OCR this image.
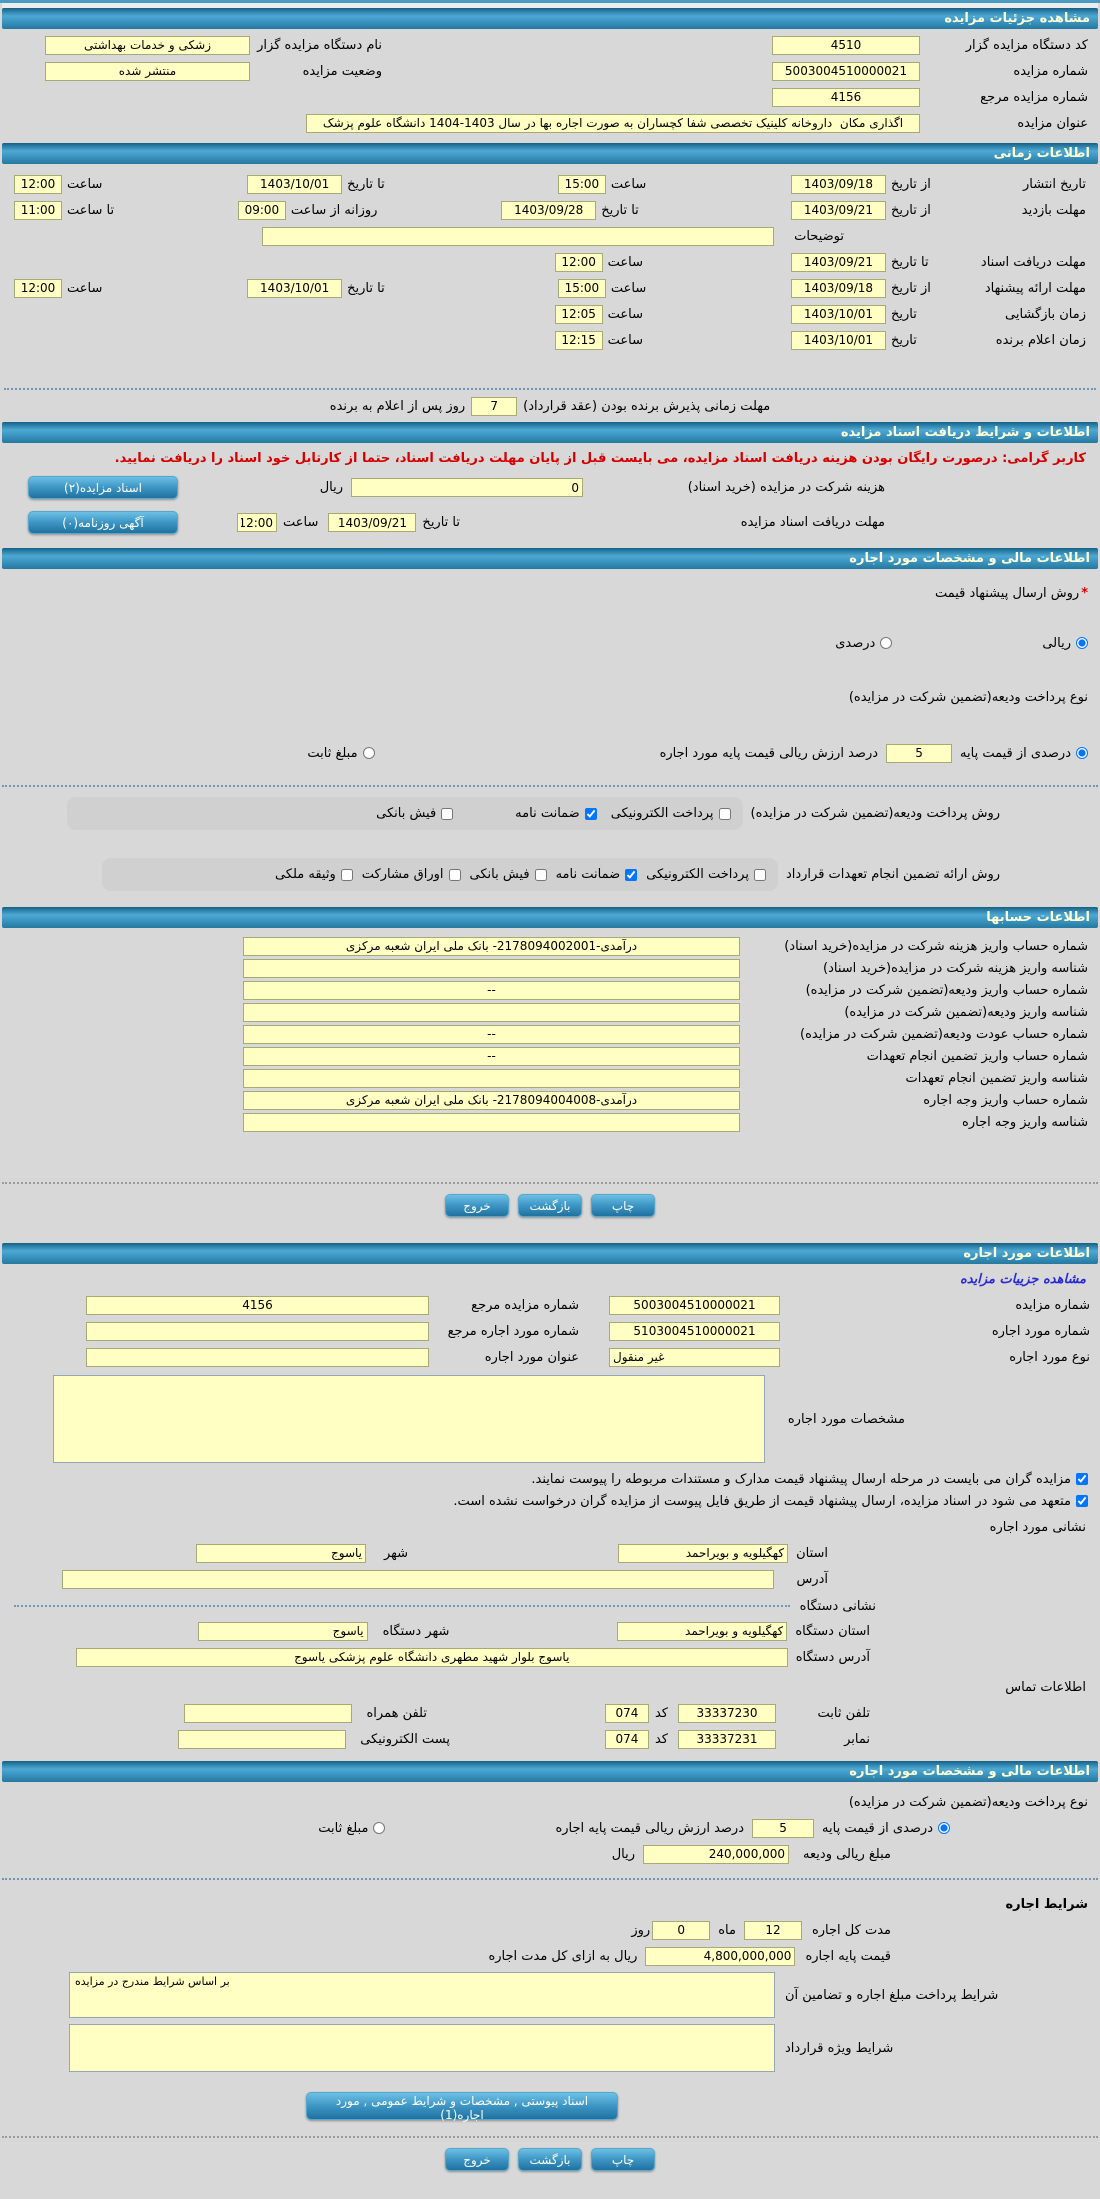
مشاهده جزئیات مزایده
کد دستگاه مزایده گزار
4510
نام دستگاه مزایده گزار
زشکی و خدمات بهداشتی
شماره مزایده
5003004510000021
وضعیت مزایده
منتشر شده
شماره مزایده مرجع
4156
عنوان مزایده
اگذاری مکان داروخانه کلینیک تخصصی شفا کچساران به صورت اجاره بها در سال 1403-1404 دانشگاه علوم پزشک
اطلاعات زمانی
تاریخ انتشار
از تاریخ
1403/09/18
ساعت
15:00
تا تاریخ
1403/10/01
ساعت
12:00
مهلت بازدید
از تاریخ
1403/09/21
تا تاریخ
1403/09/28
روزانه از ساعت
09:00
تا ساعت
11:00
توضیحات
مهلت دریافت اسناد
تا تاریخ
1403/09/21
ساعت
12:00
مهلت ارائه پیشنهاد
از تاریخ
1403/09/18
ساعت
15:00
تا تاریخ
1403/10/01
ساعت
12:00
زمان بازگشایی
تاریخ
1403/10/01
ساعت
12:05
زمان اعلام برنده
تاریخ
1403/10/01
ساعت
12:15
مهلت زمانی پذیرش برنده بودن (عقد قرارداد)
7
روز پس از اعلام به برنده
اطلاعات و شرایط دریافت اسناد مزایده
کاربر گرامی: درصورت رایگان بودن هزینه دریافت اسناد مزایده، می بایست قبل از پایان مهلت دریافت اسناد، حتما از کارتابل خود اسناد را دریافت نمایید.
هزینه شرکت در مزایده (خرید اسناد)
0
ریال
اسناد مزایده(۲)
مهلت دریافت اسناد مزایده
تا تاریخ
1403/09/21
ساعت
12:00
آگهی روزنامه(۰)
اطلاعات مالی و مشخصات مورد اجاره
*
روش ارسال پیشنهاد قیمت
ریالی
درصدی
نوع پرداخت ودیعه(تضمین شرکت در مزایده)
درصدی از قیمت پایه
5
درصد ارزش ریالی قیمت پایه مورد اجاره
مبلغ ثابت
روش پرداخت ودیعه(تضمین شرکت در مزایده)
پرداخت الکترونیکی
ضمانت نامه
فیش بانکی
روش ارائه تضمین انجام تعهدات قرارداد
پرداخت الکترونیکی
ضمانت نامه
فیش بانکی
اوراق مشارکت
وثیقه ملکی
اطلاعات حسابها
شماره حساب واریز هزینه شرکت در مزایده(خرید اسناد)
درآمدی-2178094002001- بانک ملی ایران شعبه مرکزی
شناسه واریز هزینه شرکت در مزایده(خرید اسناد)
شماره حساب واریز ودیعه(تضمین شرکت در مزایده)
--
شناسه واریز ودیعه(تضمین شرکت در مزایده)
شماره حساب عودت ودیعه(تضمین شرکت در مزایده)
--
شماره حساب واریز تضمین انجام تعهدات
--
شناسه واریز تضمین انجام تعهدات
شماره حساب واریز وجه اجاره
درآمدی-2178094004008- بانک ملی ایران شعبه مرکزی
شناسه واریز وجه اجاره
چاپ
بازگشت
خروج
اطلاعات مورد اجاره
مشاهده جزییات مزایده
شماره مزایده
5003004510000021
شماره مزایده مرجع
4156
شماره مورد اجاره
5103004510000021
شماره مورد اجاره مرجع
نوع مورد اجاره
غیر منقول
عنوان مورد اجاره
مشخصات مورد اجاره
مزایده گران می بایست در مرحله ارسال پیشنهاد قیمت مدارک و مستندات مربوطه را پیوست نمایند.
متعهد می شود در اسناد مزایده، ارسال پیشنهاد قیمت از طریق فایل پیوست از مزایده گران درخواست نشده است.
نشانی مورد اجاره
استان
کهگیلویه و بویراحمد
شهر
یاسوج
آدرس
نشانی دستگاه
استان دستگاه
کهگیلویه و بویراحمد
شهر دستگاه
یاسوج
آدرس دستگاه
یاسوج بلوار شهید مطهری دانشگاه علوم پزشکی یاسوج
اطلاعات تماس
تلفن ثابت
33337230
کد
074
تلفن همراه
نمابر
33337231
کد
074
پست الکترونیکی
اطلاعات مالی و مشخصات مورد اجاره
نوع پرداخت ودیعه(تضمین شرکت در مزایده)
درصدی از قیمت پایه
5
درصد ارزش ریالی قیمت پایه اجاره
مبلغ ثابت
مبلغ ریالی ودیعه
240,000,000
ریال
شرایط اجاره
مدت کل اجاره
12
ماه
0
روز
قیمت پایه اجاره
4,800,000,000
ریال به ازای کل مدت اجاره
شرایط پرداخت مبلغ اجاره و تضامین آن
بر اساس شرایط مندرج در مزایده
شرایط ویژه قرارداد
اسناد پیوستی , مشخصات و شرایط عمومی , مورد اجاره(1)
چاپ
بازگشت
خروج
